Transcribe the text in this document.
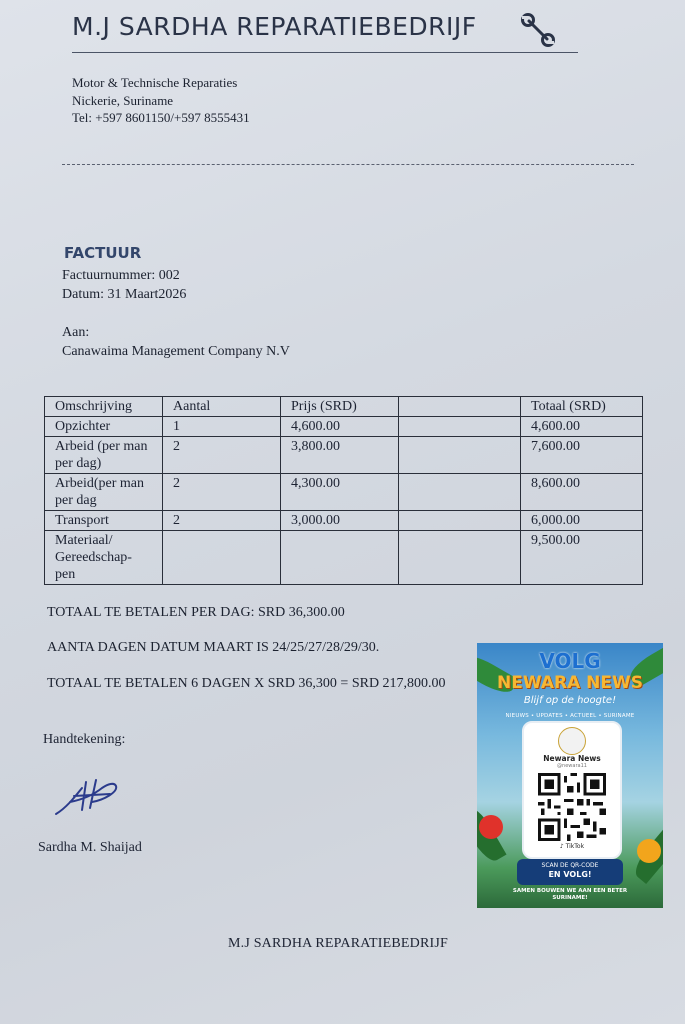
M.J SARDHA REPARATIEBEDRIJF
Motor & Technische Reparaties
Nickerie, Suriname
Tel: +597 8601150/+597 8555431
FACTUUR
Factuurnummer: 002
Datum: 31 Maart2026
Aan:
Canawaima Management Company N.V
Omschrijving	Aantal	Prijs (SRD)		Totaal (SRD)
Opzichter	1	4,600.00		4,600.00
Arbeid (per man per dag)	2	3,800.00		7,600.00
Arbeid(per man per dag	2	4,300.00		8,600.00
Transport	2	3,000.00		6,000.00
Materiaal/ Gereedschap-pen				9,500.00
TOTAAL TE BETALEN PER DAG: SRD 36,300.00
AANTA DAGEN DATUM MAART IS 24/25/27/28/29/30.
TOTAAL TE BETALEN 6 DAGEN X SRD 36,300 = SRD 217,800.00
VOLG
NEWARA NEWS
Blijf op de hoogte!
NIEUWS • UPDATES • ACTUEEL • SURINAME
Newara News
@newara11
♪ TikTok
SCAN DE QR-CODE
EN VOLG!
SAMEN BOUWEN WE AAN EEN BETER SURINAME!
Handtekening:
Sardha M. Shaijad
M.J SARDHA REPARATIEBEDRIJF
